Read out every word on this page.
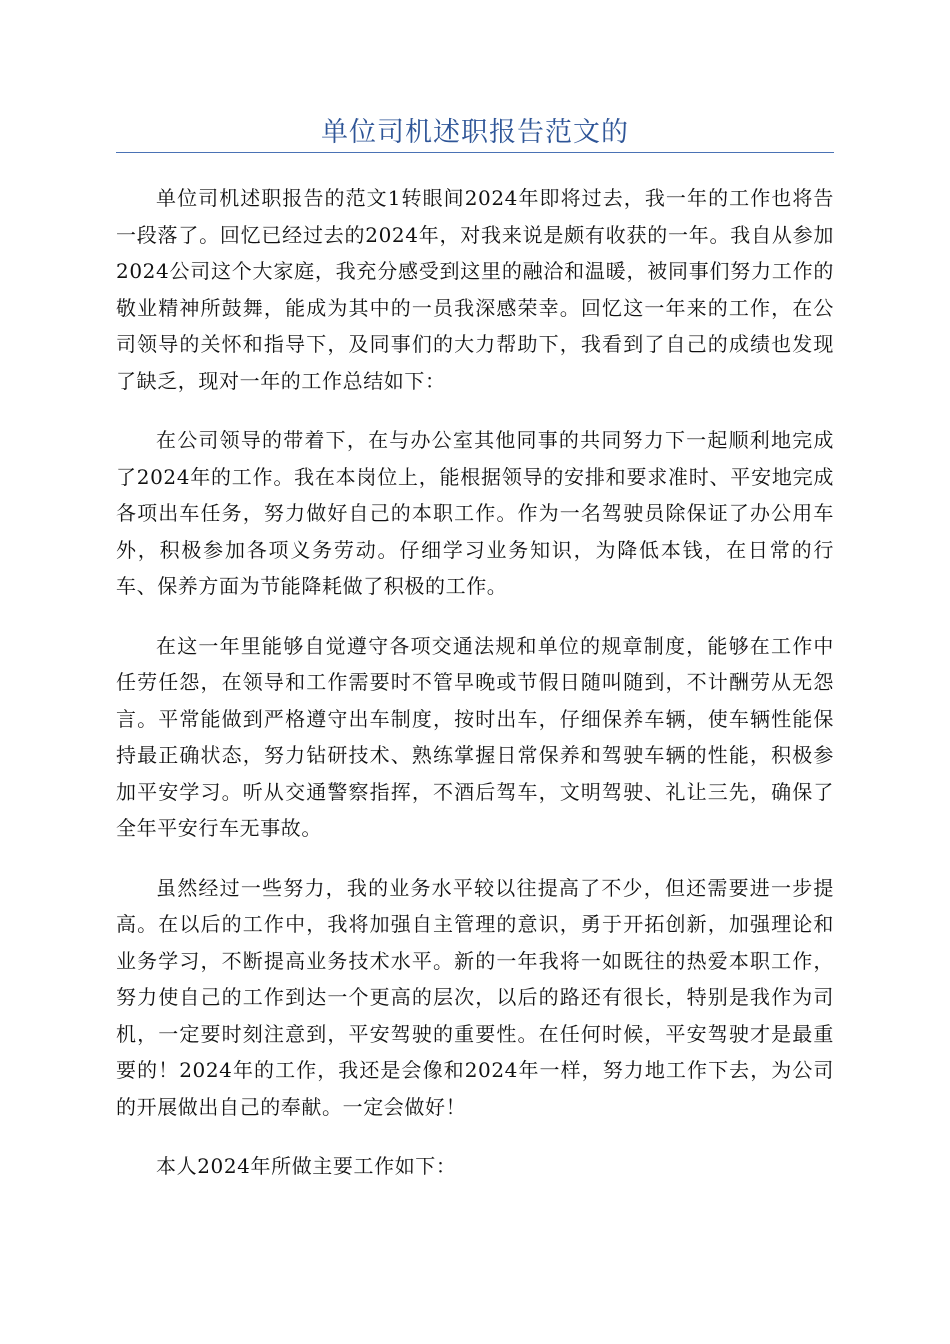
单位司机述职报告范文的

单位司机述职报告的范文1转眼间2024年即将过去，我一年的工作也将告一段落了。回忆已经过去的2024年，对我来说是颇有收获的一年。我自从参加2024公司这个大家庭，我充分感受到这里的融洽和温暖，被同事们努力工作的敬业精神所鼓舞，能成为其中的一员我深感荣幸。回忆这一年来的工作，在公司领导的关怀和指导下，及同事们的大力帮助下，我看到了自己的成绩也发现了缺乏，现对一年的工作总结如下：

在公司领导的带着下，在与办公室其他同事的共同努力下一起顺利地完成了2024年的工作。我在本岗位上，能根据领导的安排和要求准时、平安地完成各项出车任务，努力做好自己的本职工作。作为一名驾驶员除保证了办公用车外，积极参加各项义务劳动。仔细学习业务知识，为降低本钱，在日常的行车、保养方面为节能降耗做了积极的工作。

在这一年里能够自觉遵守各项交通法规和单位的规章制度，能够在工作中任劳任怨，在领导和工作需要时不管早晚或节假日随叫随到，不计酬劳从无怨言。平常能做到严格遵守出车制度，按时出车，仔细保养车辆，使车辆性能保持最正确状态，努力钻研技术、熟练掌握日常保养和驾驶车辆的性能，积极参加平安学习。听从交通警察指挥，不酒后驾车，文明驾驶、礼让三先，确保了全年平安行车无事故。

虽然经过一些努力，我的业务水平较以往提高了不少，但还需要进一步提高。在以后的工作中，我将加强自主管理的意识，勇于开拓创新，加强理论和业务学习，不断提高业务技术水平。新的一年我将一如既往的热爱本职工作，努力使自己的工作到达一个更高的层次，以后的路还有很长，特别是我作为司机，一定要时刻注意到，平安驾驶的重要性。在任何时候，平安驾驶才是最重要的！2024年的工作，我还是会像和2024年一样，努力地工作下去，为公司的开展做出自己的奉献。一定会做好！

本人2024年所做主要工作如下：
